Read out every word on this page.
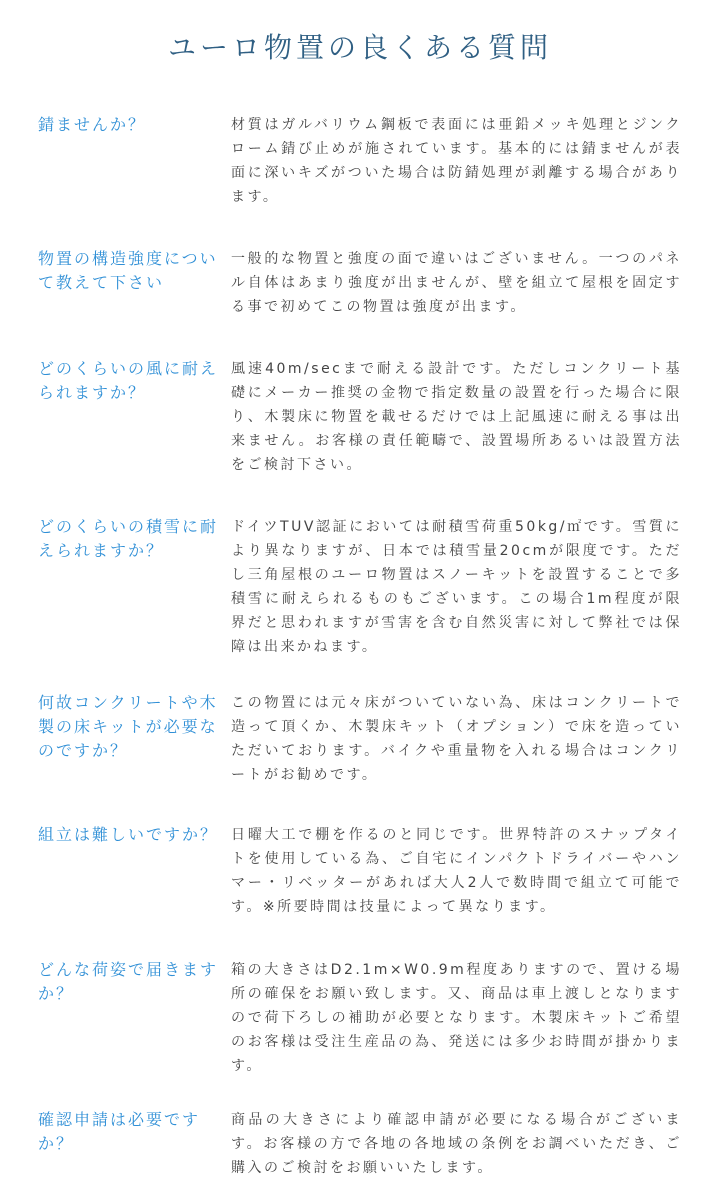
ユーロ物置の良くある質問
錆ませんか？	材質はガルバリウム鋼板で表面には亜鉛メッキ処理とジンクローム錆び止めが施されています。基本的には錆ませんが表面に深いキズがついた場合は防錆処理が剥離する場合があります。
物置の構造強度について教えて下さい
一般的な物置と強度の面で違いはございません。一つのパネル自体はあまり強度が出ませんが、壁を組立て屋根を固定する事で初めてこの物置は強度が出ます。
どのくらいの風に耐えられますか？
風速40m/secまで耐える設計です。ただしコンクリート基礎にメーカー推奨の金物で指定数量の設置を行った場合に限り、木製床に物置を載せるだけでは上記風速に耐える事は出来ません。お客様の責任範疇で、設置場所あるいは設置方法をご検討下さい。
どのくらいの積雪に耐えられますか？
ドイツTUV認証においては耐積雪荷重50kg/㎡です。雪質により異なりますが、日本では積雪量20cmが限度です。ただし三角屋根のユーロ物置はスノーキットを設置することで多積雪に耐えられるものもございます。この場合1m程度が限界だと思われますが雪害を含む自然災害に対して弊社では保障は出来かねます。
何故コンクリートや木製の床キットが必要なのですか？
この物置には元々床がついていない為、床はコンクリートで造って頂くか、木製床キット（オプション）で床を造っていただいております。バイクや重量物を入れる場合はコンクリートがお勧めです。
組立は難しいですか？ 日曜大工で棚を作るのと同じです。世界特許のスナップタイトを使用している為、ご自宅にインパクトドライバーやハンマー・リベッターがあれば大人2人で数時間で組立て可能です。※所要時間は技量によって異なります。
どんな荷姿で届きますか？
箱の大きさはD2.1m×W0.9m程度ありますので、置ける場所の確保をお願い致します。又、商品は車上渡しとなりますので荷下ろしの補助が必要となります。木製床キットご希望のお客様は受注生産品の為、発送には多少お時間が掛かります。
確認申請は必要ですか？
商品の大きさにより確認申請が必要になる場合がございます。お客様の方で各地の各地域の条例をお調べいただき、ご購入のご検討をお願いいたします。
